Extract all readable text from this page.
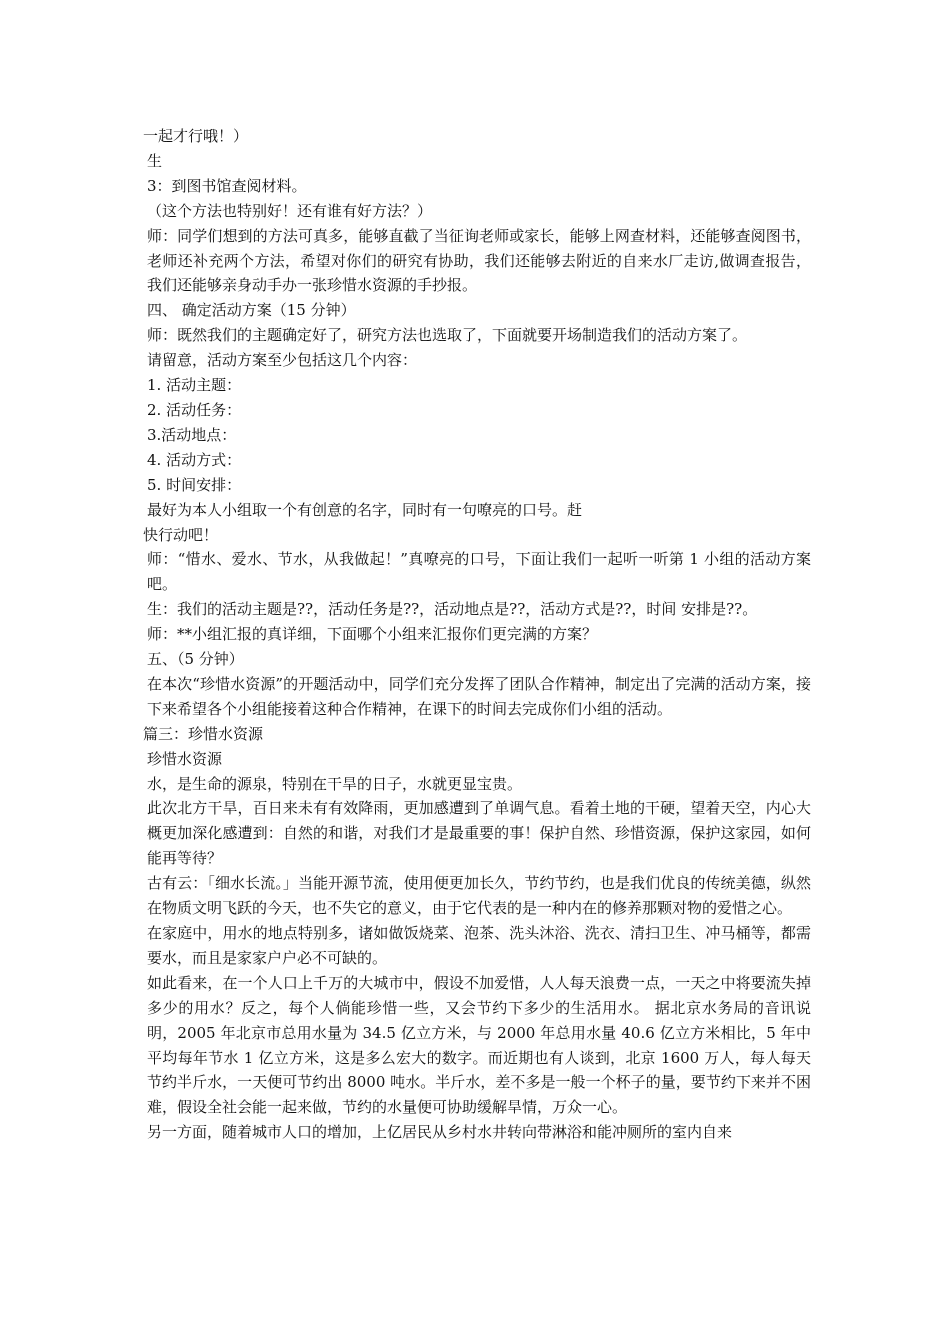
一起才行哦！）

生

3：到图书馆查阅材料。

（这个方法也特别好！还有谁有好方法？）

师：同学们想到的方法可真多，能够直截了当征询老师或家长，能够上网查材料，还能够查阅图书，老师还补充两个方法，希望对你们的研究有协助，我们还能够去附近的自来水厂走访,做调查报告，我们还能够亲身动手办一张珍惜水资源的手抄报。

四、 确定活动方案（15 分钟）

师：既然我们的主题确定好了，研究方法也选取了，下面就要开场制造我们的活动方案了。

请留意，活动方案至少包括这几个内容：

1. 活动主题：

2. 活动任务：

3.活动地点：

4. 活动方式：

5. 时间安排：

最好为本人小组取一个有创意的名字，同时有一句嘹亮的口号。赶

快行动吧！

师：“惜水、爱水、节水，从我做起！”真嘹亮的口号，下面让我们一起听一听第 1 小组的活动方案吧。

生：我们的活动主题是??，活动任务是??，活动地点是??，活动方式是??，时间 安排是??。

师：**小组汇报的真详细，下面哪个小组来汇报你们更完满的方案？

五、（5 分钟）

在本次“珍惜水资源”的开题活动中，同学们充分发挥了团队合作精神，制定出了完满的活动方案，接下来希望各个小组能接着这种合作精神，在课下的时间去完成你们小组的活动。

篇三：珍惜水资源

珍惜水资源

水，是生命的源泉，特别在干旱的日子，水就更显宝贵。

此次北方干旱，百日来未有有效降雨，更加感遭到了单调气息。看着土地的干硬，望着天空，内心大概更加深化感遭到：自然的和谐，对我们才是最重要的事！保护自然、珍惜资源，保护这家园，如何能再等待？

古有云：「细水长流。」当能开源节流，使用便更加长久，节约节约，也是我们优良的传统美德，纵然在物质文明飞跃的今天，也不失它的意义，由于它代表的是一种内在的修养那颗对物的爱惜之心。

在家庭中，用水的地点特别多，诸如做饭烧菜、泡茶、洗头沐浴、洗衣、清扫卫生、冲马桶等，都需要水，而且是家家户户必不可缺的。

如此看来，在一个人口上千万的大城市中，假设不加爱惜，人人每天浪费一点，一天之中将要流失掉多少的用水？反之，每个人倘能珍惜一些，又会节约下多少的生活用水。 据北京水务局的音讯说明，2005 年北京市总用水量为 34.5 亿立方米，与 2000 年总用水量 40.6 亿立方米相比，5 年中平均每年节水 1 亿立方米，这是多么宏大的数字。而近期也有人谈到，北京 1600 万人，每人每天节约半斤水，一天便可节约出 8000 吨水。半斤水，差不多是一般一个杯子的量，要节约下来并不困难，假设全社会能一起来做，节约的水量便可协助缓解旱情，万众一心。

另一方面，随着城市人口的增加，上亿居民从乡村水井转向带淋浴和能冲厕所的室内自来
